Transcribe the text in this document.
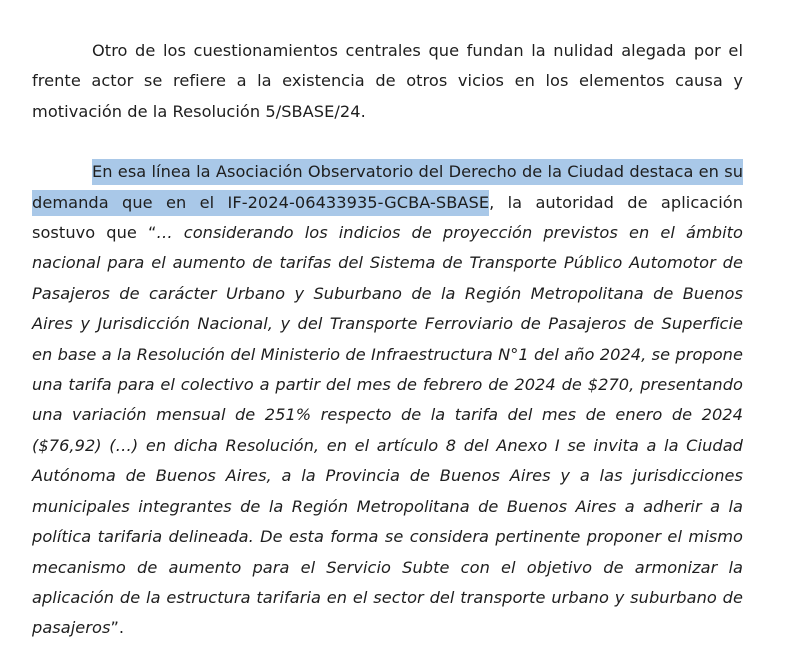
Otro de los cuestionamientos centrales que fundan la nulidad alegada por el frente actor se refiere a la existencia de otros vicios en los elementos causa y motivación de la Resolución 5/SBASE/24.

En esa línea la Asociación Observatorio del Derecho de la Ciudad destaca en su demanda que en el IF-2024-06433935-GCBA-SBASE, la autoridad de aplicación sostuvo que “… considerando los indicios de proyección previstos en el ámbito nacional para el aumento de tarifas del Sistema de Transporte Público Automotor de Pasajeros de carácter Urbano y Suburbano de la Región Metropolitana de Buenos Aires y Jurisdicción Nacional, y del Transporte Ferroviario de Pasajeros de Superficie en base a la Resolución del Ministerio de Infraestructura N°1 del año 2024, se propone una tarifa para el colectivo a partir del mes de febrero de 2024 de $270, presentando una variación mensual de 251% respecto de la tarifa del mes de enero de 2024 ($76,92) (…) en dicha Resolución, en el artículo 8 del Anexo I se invita a la Ciudad Autónoma de Buenos Aires, a la Provincia de Buenos Aires y a las jurisdicciones municipales integrantes de la Región Metropolitana de Buenos Aires a adherir a la política tarifaria delineada. De esta forma se considera pertinente proponer el mismo mecanismo de aumento para el Servicio Subte con el objetivo de armonizar la aplicación de la estructura tarifaria en el sector del transporte urbano y suburbano de pasajeros”.
